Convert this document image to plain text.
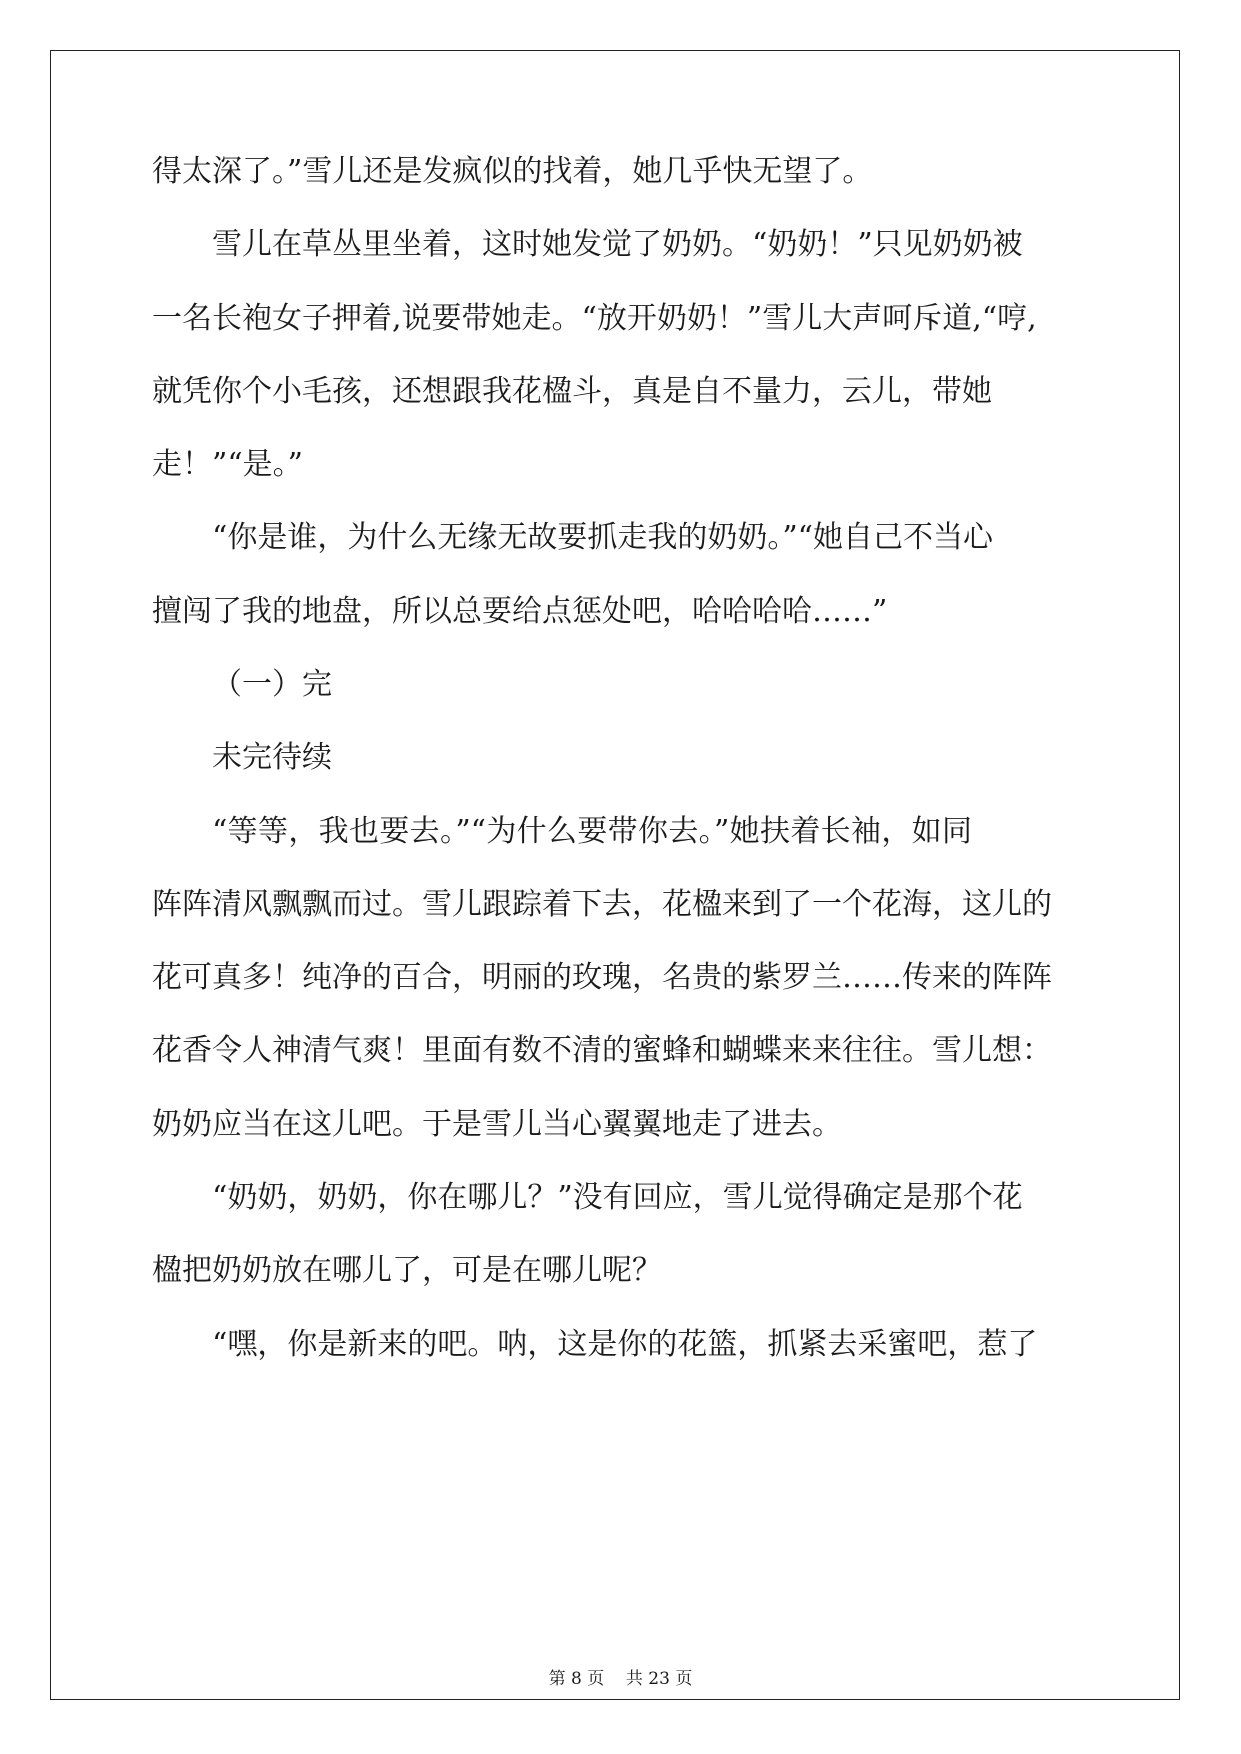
得太深了。”雪儿还是发疯似的找着，她几乎快无望了。
雪儿在草丛里坐着，这时她发觉了奶奶。“奶奶！”只见奶奶被
一名长袍女子押着,说要带她走。“放开奶奶！”雪儿大声呵斥道,“哼,
就凭你个小毛孩，还想跟我花楹斗，真是自不量力，云儿，带她
走！”“是。”
“你是谁，为什么无缘无故要抓走我的奶奶。”“她自己不当心
擅闯了我的地盘，所以总要给点惩处吧，哈哈哈哈……”
（一）完
未完待续
“等等，我也要去。”“为什么要带你去。”她扶着长袖，如同
阵阵清风飘飘而过。雪儿跟踪着下去，花楹来到了一个花海，这儿的
花可真多！纯净的百合，明丽的玫瑰，名贵的紫罗兰……传来的阵阵
花香令人神清气爽！里面有数不清的蜜蜂和蝴蝶来来往往。雪儿想：
奶奶应当在这儿吧。于是雪儿当心翼翼地走了进去。
“奶奶，奶奶，你在哪儿？”没有回应，雪儿觉得确定是那个花
楹把奶奶放在哪儿了，可是在哪儿呢？
“嘿，你是新来的吧。呐，这是你的花篮，抓紧去采蜜吧，惹了
第 8 页    共 23 页
